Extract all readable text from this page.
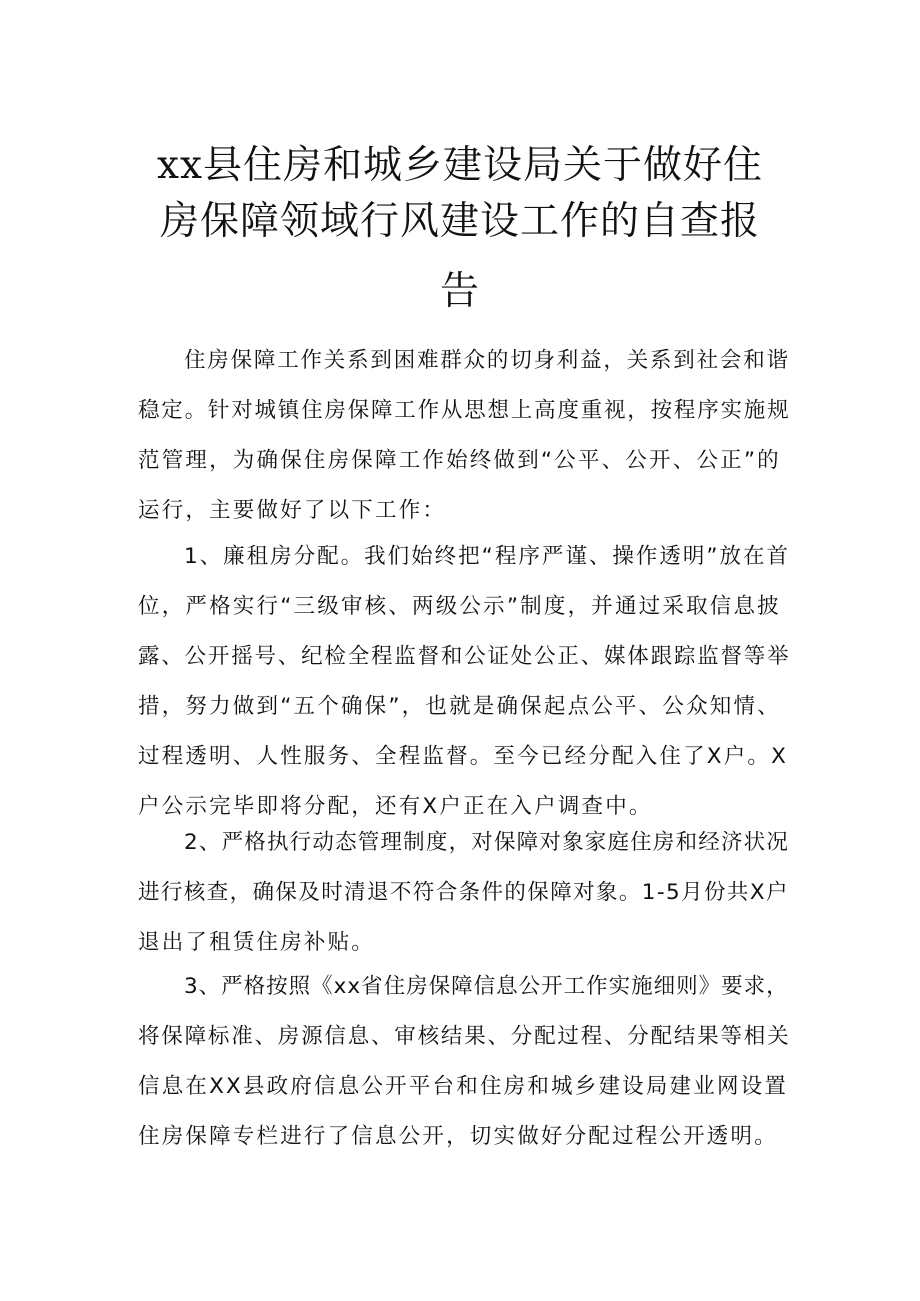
xx县住房和城乡建设局关于做好住
房保障领域行风建设工作的自查报
告
住房保障工作关系到困难群众的切身利益，关系到社会和谐
稳定。针对城镇住房保障工作从思想上高度重视，按程序实施规
范管理，为确保住房保障工作始终做到“公平、公开、公正”的
运行，主要做好了以下工作：
1、廉租房分配。我们始终把“程序严谨、操作透明”放在首
位，严格实行“三级审核、两级公示”制度，并通过采取信息披
露、公开摇号、纪检全程监督和公证处公正、媒体跟踪监督等举
措，努力做到“五个确保”，也就是确保起点公平、公众知情、
过程透明、人性服务、全程监督。至今已经分配入住了X户。X
户公示完毕即将分配，还有X户正在入户调查中。
2、严格执行动态管理制度，对保障对象家庭住房和经济状况
进行核查，确保及时清退不符合条件的保障对象。1-5月份共X户
退出了租赁住房补贴。
3、严格按照《xx省住房保障信息公开工作实施细则》要求，
将保障标准、房源信息、审核结果、分配过程、分配结果等相关
信息在XX县政府信息公开平台和住房和城乡建设局建业网设置
住房保障专栏进行了信息公开，切实做好分配过程公开透明。
